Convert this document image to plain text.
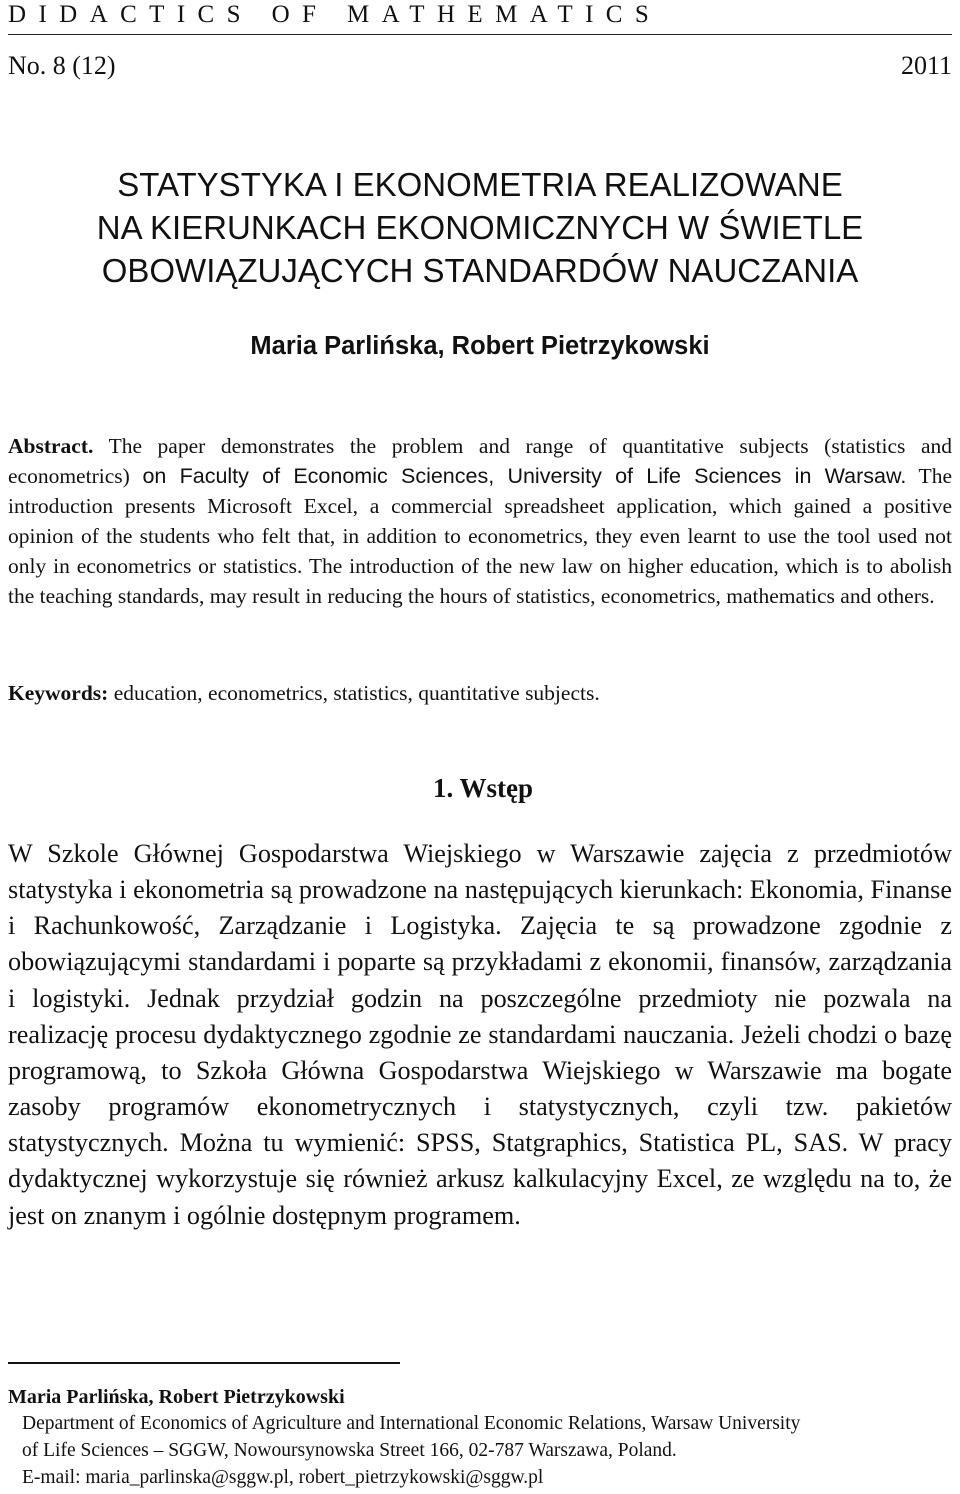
DIDACTICS OF MATHEMATICS
No. 8 (12)	2011
STATYSTYKA I EKONOMETRIA REALIZOWANE
NA KIERUNKACH EKONOMICZNYCH W ŚWIETLE
OBOWIĄZUJĄCYCH STANDARDÓW NAUCZANIA
Maria Parlińska, Robert Pietrzykowski
Abstract. The paper demonstrates the problem and range of quantitative subjects (statistics and econometrics) on Faculty of Economic Sciences, University of Life Sciences in Warsaw. The introduction presents Microsoft Excel, a commercial spreadsheet application, which gained a positive opinion of the students who felt that, in addition to econometrics, they even learnt to use the tool used not only in econometrics or statistics. The introduction of the new law on higher education, which is to abolish the teaching standards, may result in reducing the hours of statistics, econometrics, mathematics and others.
Keywords: education, econometrics, statistics, quantitative subjects.
1. Wstęp
W Szkole Głównej Gospodarstwa Wiejskiego w Warszawie zajęcia z przedmiotów statystyka i ekonometria są prowadzone na następujących kierunkach: Ekonomia, Finanse i Rachunkowość, Zarządzanie i Logistyka. Zajęcia te są prowadzone zgodnie z obowiązującymi standardami i poparte są przykładami z ekonomii, finansów, zarządzania i logistyki. Jednak przydział godzin na poszczególne przedmioty nie pozwala na realizację procesu dydaktycznego zgodnie ze standardami nauczania. Jeżeli chodzi o bazę programową, to Szkoła Główna Gospodarstwa Wiejskiego w Warszawie ma bogate zasoby programów ekonometrycznych i statystycznych, czyli tzw. pakietów statystycznych. Można tu wymienić: SPSS, Statgraphics, Statistica PL, SAS. W pracy dydaktycznej wykorzystuje się również arkusz kalkulacyjny Excel, ze względu na to, że jest on znanym i ogólnie dostępnym programem.
Maria Parlińska, Robert Pietrzykowski
Department of Economics of Agriculture and International Economic Relations, Warsaw University
of Life Sciences – SGGW, Nowoursynowska Street 166, 02-787 Warszawa, Poland.
E-mail: maria_parlinska@sggw.pl, robert_pietrzykowski@sggw.pl
